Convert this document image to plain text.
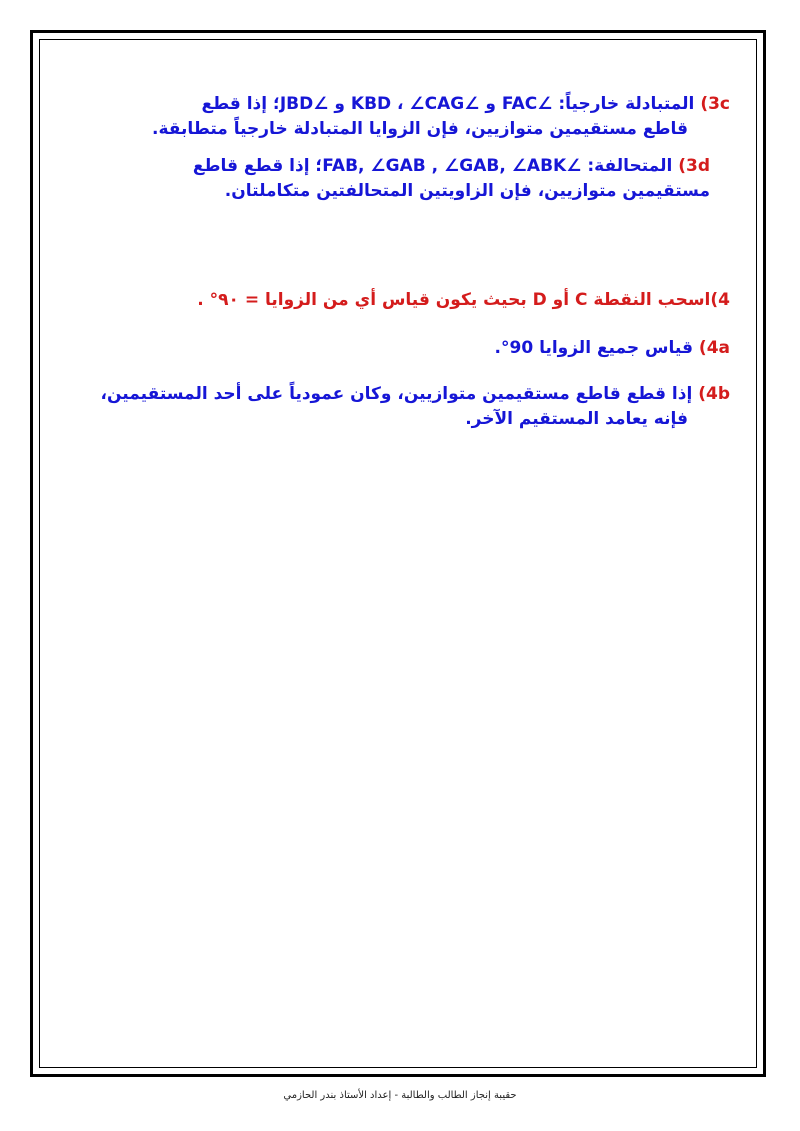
3c) المتبادلة خارجياً: ∠FAC و ∠KBD ، ∠CAG و ∠JBD؛ إذا قطع
قاطع مستقيمين متوازيين، فإن الزوايا المتبادلة خارجياً متطابقة.

3d) المتحالفة: ∠FAB, ∠GAB , ∠GAB, ∠ABK؛ إذا قطع قاطع
مستقيمين متوازيين، فإن الزاويتين المتحالفتين متكاملتان.

4)اسحب النقطة C أو D بحيث يكون قياس أي من الزوايا = ٩٠° .

4a) قياس جميع الزوايا 90°.

4b) إذا قطع قاطع مستقيمين متوازيين، وكان عمودياً على أحد المستقيمين،
فإنه يعامد المستقيم الآخر.

حقيبة إنجاز الطالب والطالبة - إعداد الأستاذ بندر الحازمي
